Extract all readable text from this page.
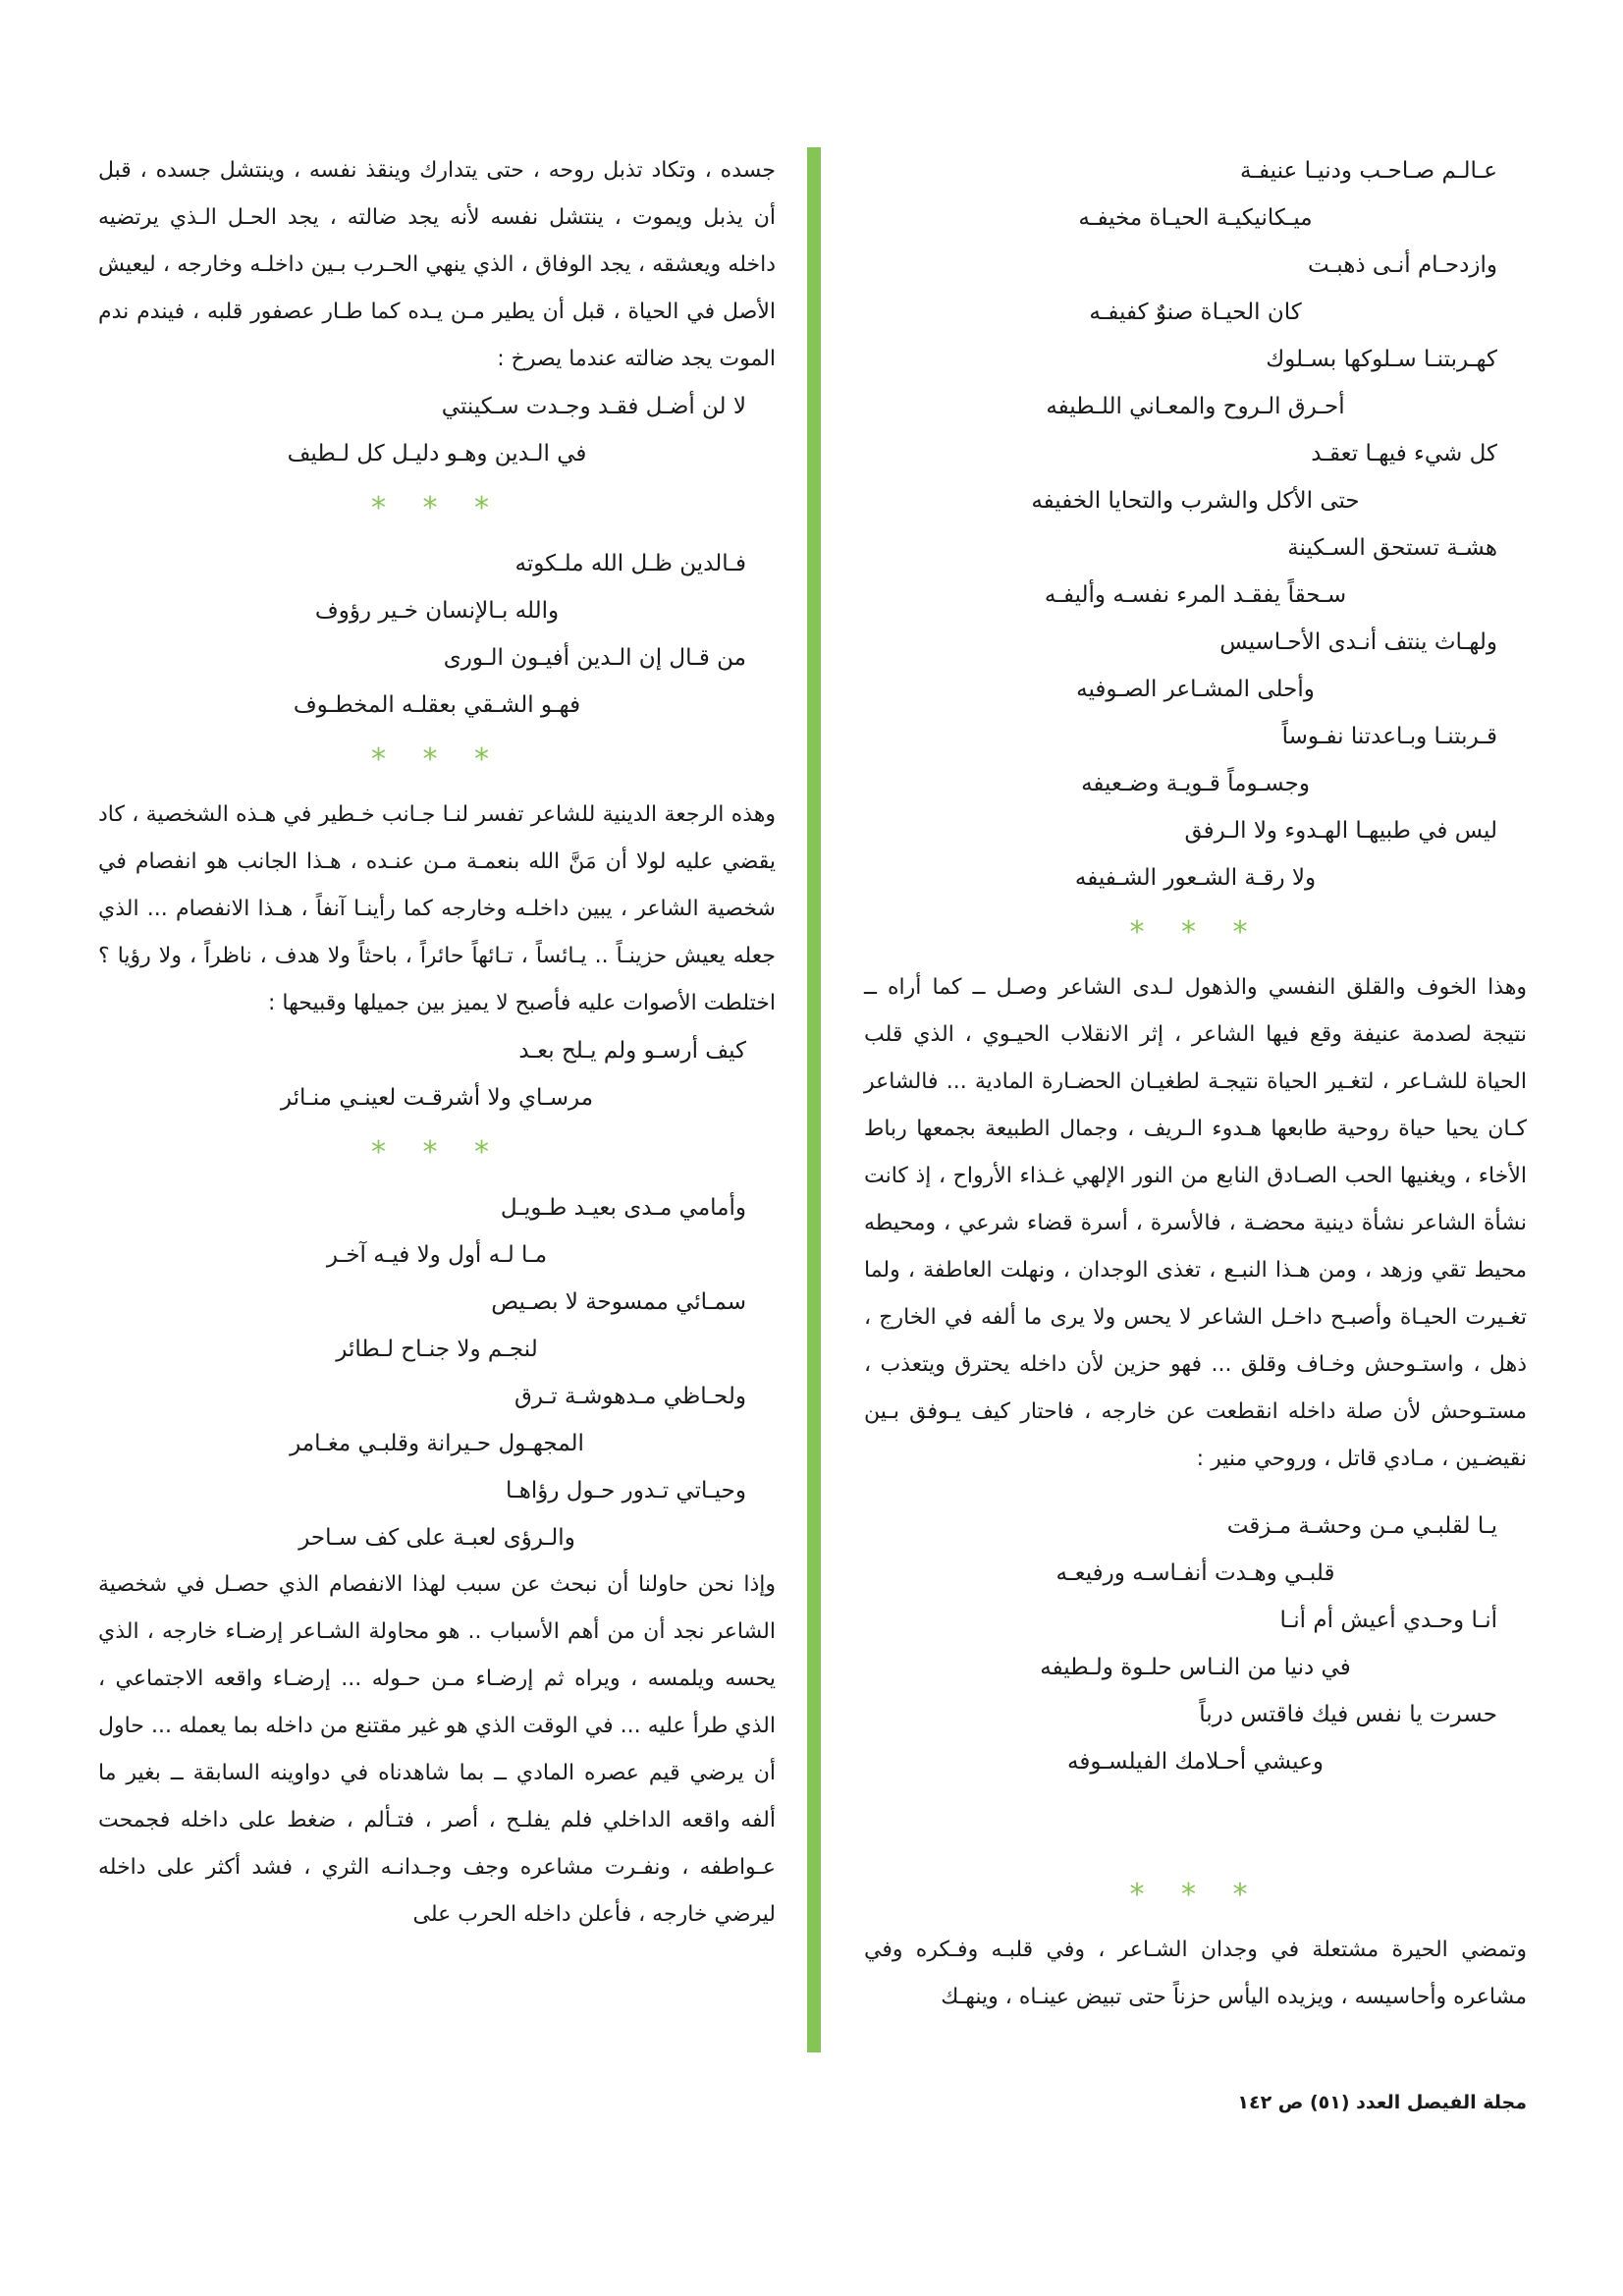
عـالـم صـاحـب ودنيـا عنيفـة
ميـكانيكيـة الحيـاة مخيفـه
وازدحـام أنـى ذهبـت
كان الحيـاة صنوٌ كفيفـه
كهـربتنـا سـلوكها بسـلوك
أحـرق الـروح والمعـاني اللـطيفه
كل شيء فيهـا تعقـد
حتى الأكل والشرب والتحايا الخفيفه
هشـة تستحق السـكينة
سـحقاً يفقـد المرء نفسـه وأليفـه
ولهـاث ينتف أنـدى الأحـاسيس
وأحلى المشـاعر الصـوفيه
قـربتنـا وبـاعدتنا نفـوساً
وجسـوماً قـويـة وضـعيفه
ليس في طبيهـا الهـدوء ولا الـرفق
ولا رقـة الشـعور الشـفيفه
* * *

وهذا الخوف والقلق النفسي والذهول لـدى الشاعر وصـل ــ كما أراه ــ نتيجة لصدمة عنيفة وقع فيها الشاعر ، إثر الانقلاب الحيـوي ، الذي قلب الحياة للشـاعر ، لتغـير الحياة نتيجـة لطغيـان الحضـارة المادية ... فالشاعر كـان يحيا حياة روحية طابعها هـدوء الـريف ، وجمال الطبيعة بجمعها رباط الأخاء ، ويغنيها الحب الصـادق النابع من النور الإلهي غـذاء الأرواح ، إذ كانت نشأة الشاعر نشأة دينية محضـة ، فالأسرة ، أسرة قضاء شرعي ، ومحيطه محيط تقي وزهد ، ومن هـذا النبـع ، تغذى الوجدان ، ونهلت العاطفة ، ولما تغـيرت الحيـاة وأصبـح داخـل الشاعر لا يحس ولا يرى ما ألفه في الخارج ، ذهل ، واستـوحش وخـاف وقلق ... فهو حزين لأن داخله يحترق ويتعذب ، مستـوحش لأن صلة داخله انقطعت عن خارجه ، فاحتار كيف يـوفق بـين نقيضـين ، مـادي قاتل ، وروحي منير :

يـا لقلبـي مـن وحشـة مـزقت
قلبـي وهـدت أنفـاسـه ورفيعـه
أنـا وحـدي أعيش أم أنـا
في دنيا من النـاس حلـوة ولـطيفه
حسرت يا نفس فيك فاقتس درباً
وعيشي أحـلامك الفيلسـوفه
* * *

وتمضي الحيرة مشتعلة في وجدان الشـاعر ، وفي قلبـه وفـكره وفي مشاعره وأحاسيسه ، ويزيده اليأس حزناً حتى تبيض عينـاه ، وينهـك

جسده ، وتكاد تذبل روحه ، حتى يتدارك وينقذ نفسه ، وينتشل جسده ، قبل أن يذبل ويموت ، ينتشل نفسه لأنه يجد ضالته ، يجد الحـل الـذي يرتضيه داخله ويعشقه ، يجد الوفاق ، الذي ينهي الحـرب بـين داخلـه وخارجه ، ليعيش الأصل في الحياة ، قبل أن يطير مـن يـده كما طـار عصفور قلبه ، فيندم ندم الموت يجد ضالته عندما يصرخ :

لا لن أضـل فقـد وجـدت سـكينتي
في الـدين وهـو دليـل كل لـطيف
* * *
فـالدين ظـل الله ملـكوته
والله بـالإنسان خـير رؤوف
من قـال إن الـدين أفيـون الـورى
فهـو الشـقي بعقلـه المخطـوف
* * *

وهذه الرجعة الدينية للشاعر تفسر لنـا جـانب خـطير في هـذه الشخصية ، كاد يقضي عليه لولا أن مَنَّ الله بنعمـة مـن عنـده ، هـذا الجانب هو انفصام في شخصية الشاعر ، يبين داخلـه وخارجه كما رأينـا آنفاً ، هـذا الانفصام ... الذي جعله يعيش حزينـاً .. يـائساً ، تـائهاً حائراً ، باحثاً ولا هدف ، ناظراً ، ولا رؤيا ؟ اختلطت الأصوات عليه فأصبح لا يميز بين جميلها وقبيحها :

كيف أرسـو ولم يـلح بعـد
مرسـاي ولا أشرقـت لعينـي منـائر
* * *
وأمامي مـدى بعيـد طـويـل
مـا لـه أول ولا فيـه آخـر
سمـائي ممسوحة لا بصـيص
لنجـم ولا جنـاح لـطائر
ولحـاظي مـدهوشـة تـرق
المجهـول حـيرانة وقلبـي مغـامر
وحيـاتي تـدور حـول رؤاهـا
والـرؤى لعبـة على كف سـاحر

وإذا نحن حاولنا أن نبحث عن سبب لهذا الانفصام الذي حصـل في شخصية الشاعر نجد أن من أهم الأسباب .. هو محاولة الشـاعر إرضـاء خارجه ، الذي يحسه ويلمسه ، ويراه ثم إرضـاء مـن حـوله ... إرضـاء واقعه الاجتماعي ، الذي طرأ عليه ... في الوقت الذي هو غير مقتنع من داخله بما يعمله ... حاول أن يرضي قيم عصره المادي ــ بما شاهدناه في دواوينه السابقة ــ بغير ما ألفه واقعه الداخلي فلم يفلـح ، أصر ، فتـألم ، ضغط على داخله فجمحت عـواطفه ، ونفـرت مشاعره وجف وجـدانـه الثري ، فشد أكثر على داخله ليرضي خارجه ، فأعلن داخله الحرب على

مجلة الفيصل العدد (٥١) ص ١٤٢
